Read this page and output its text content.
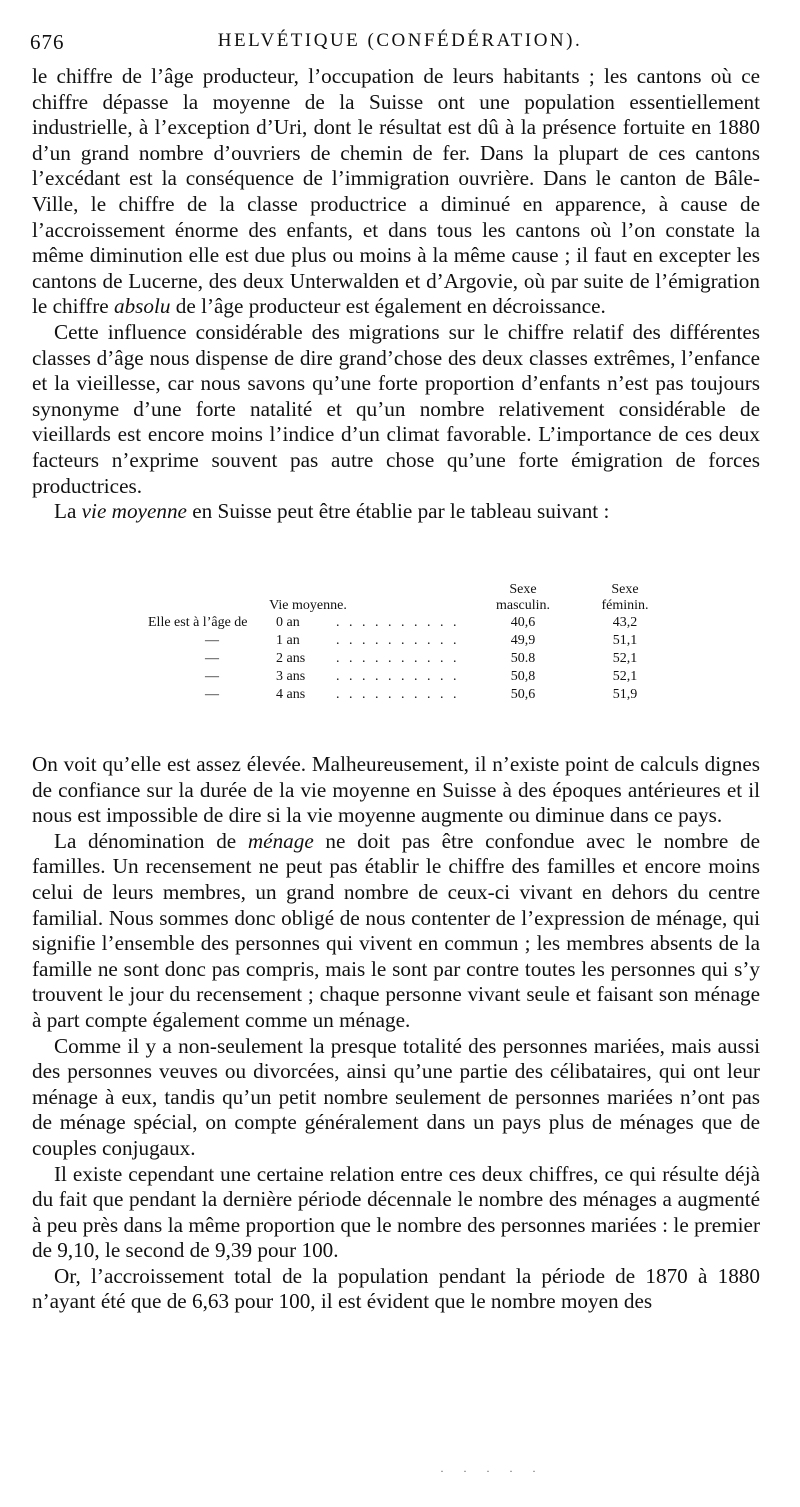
676	HELVÉTIQUE (CONFÉDÉRATION).

le chiffre de l’âge producteur, l’occupation de leurs habitants ; les cantons où ce chiffre dépasse la moyenne de la Suisse ont une population essentiellement industrielle, à l’exception d’Uri, dont le résultat est dû à la présence fortuite en 1880 d’un grand nombre d’ouvriers de chemin de fer. Dans la plupart de ces cantons l’excédant est la conséquence de l’immigration ouvrière. Dans le canton de Bâle-Ville, le chiffre de la classe productrice a diminué en apparence, à cause de l’accroissement énorme des enfants, et dans tous les cantons où l’on constate la même diminution elle est due plus ou moins à la même cause ; il faut en excepter les cantons de Lucerne, des deux Unterwalden et d’Argovie, où par suite de l’émigration le chiffre absolu de l’âge producteur est également en décroissance.

Cette influence considérable des migrations sur le chiffre relatif des différentes classes d’âge nous dispense de dire grand’chose des deux classes extrêmes, l’enfance et la vieillesse, car nous savons qu’une forte proportion d’enfants n’est pas toujours synonyme d’une forte natalité et qu’un nombre relativement considérable de vieillards est encore moins l’indice d’un climat favorable. L’importance de ces deux facteurs n’exprime souvent pas autre chose qu’une forte émigration de forces productrices.

La vie moyenne en Suisse peut être établie par le tableau suivant :

	Sexe	Sexe
Vie moyenne.	masculin.	féminin.
Elle est à l’âge de 0 an . . . . . . . . . .	40,6	43,2
— 1 an . . . . . . . . . .	49,9	51,1
— 2 ans . . . . . . . . . .	50.8	52,1
— 3 ans . . . . . . . . . .	50,8	52,1
— 4 ans . . . . . . . . . .	50,6	51,9

On voit qu’elle est assez élevée. Malheureusement, il n’existe point de calculs dignes de confiance sur la durée de la vie moyenne en Suisse à des époques antérieures et il nous est impossible de dire si la vie moyenne augmente ou diminue dans ce pays.

La dénomination de ménage ne doit pas être confondue avec le nombre de familles. Un recensement ne peut pas établir le chiffre des familles et encore moins celui de leurs membres, un grand nombre de ceux-ci vivant en dehors du centre familial. Nous sommes donc obligé de nous contenter de l’expression de ménage, qui signifie l’ensemble des personnes qui vivent en commun ; les membres absents de la famille ne sont donc pas compris, mais le sont par contre toutes les personnes qui s’y trouvent le jour du recensement ; chaque personne vivant seule et faisant son ménage à part compte également comme un ménage.

Comme il y a non-seulement la presque totalité des personnes mariées, mais aussi des personnes veuves ou divorcées, ainsi qu’une partie des célibataires, qui ont leur ménage à eux, tandis qu’un petit nombre seulement de personnes mariées n’ont pas de ménage spécial, on compte généralement dans un pays plus de ménages que de couples conjugaux.

Il existe cependant une certaine relation entre ces deux chiffres, ce qui résulte déjà du fait que pendant la dernière période décennale le nombre des ménages a augmenté à peu près dans la même proportion que le nombre des personnes mariées : le premier de 9,10, le second de 9,39 pour 100.

Or, l’accroissement total de la population pendant la période de 1870 à 1880 n’ayant été que de 6,63 pour 100, il est évident que le nombre moyen des

· · · · ·
